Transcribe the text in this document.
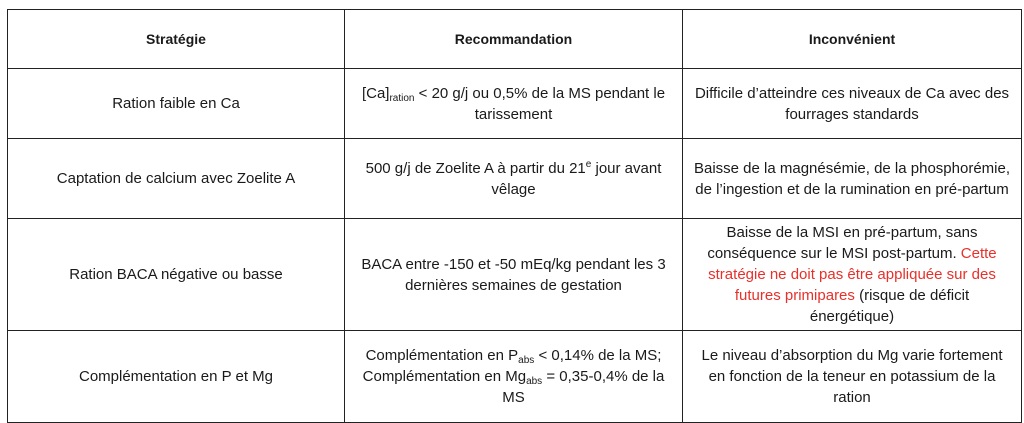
Stratégie	Recommandation	Inconvénient
Ration faible en Ca	$[Ca]_{ration} < 20$ g/j ou 0,5% de la MS pendant le tarissement	Difficile d’atteindre ces niveaux de Ca avec des fourrages standards
Captation de calcium avec Zoelite A	500 g/j de Zoelite A à partir du 21e jour avant vêlage	Baisse de la magnésémie, de la phosphorémie, de l’ingestion et de la rumination en pré-partum
Ration BACA négative ou basse	BACA entre -150 et -50 mEq/kg pendant les 3 dernières semaines de gestation	Baisse de la MSI en pré-partum, sans conséquence sur le MSI post-partum. Cette stratégie ne doit pas être appliquée sur des futures primipares (risque de déficit énergétique)
Complémentation en P et Mg	Complémentation en $P_{abs} < 0,14\%$ de la MS; Complémentation en $Mg_{abs} = 0,35-0,4\%$ de la MS	Le niveau d’absorption du Mg varie fortement en fonction de la teneur en potassium de la ration
